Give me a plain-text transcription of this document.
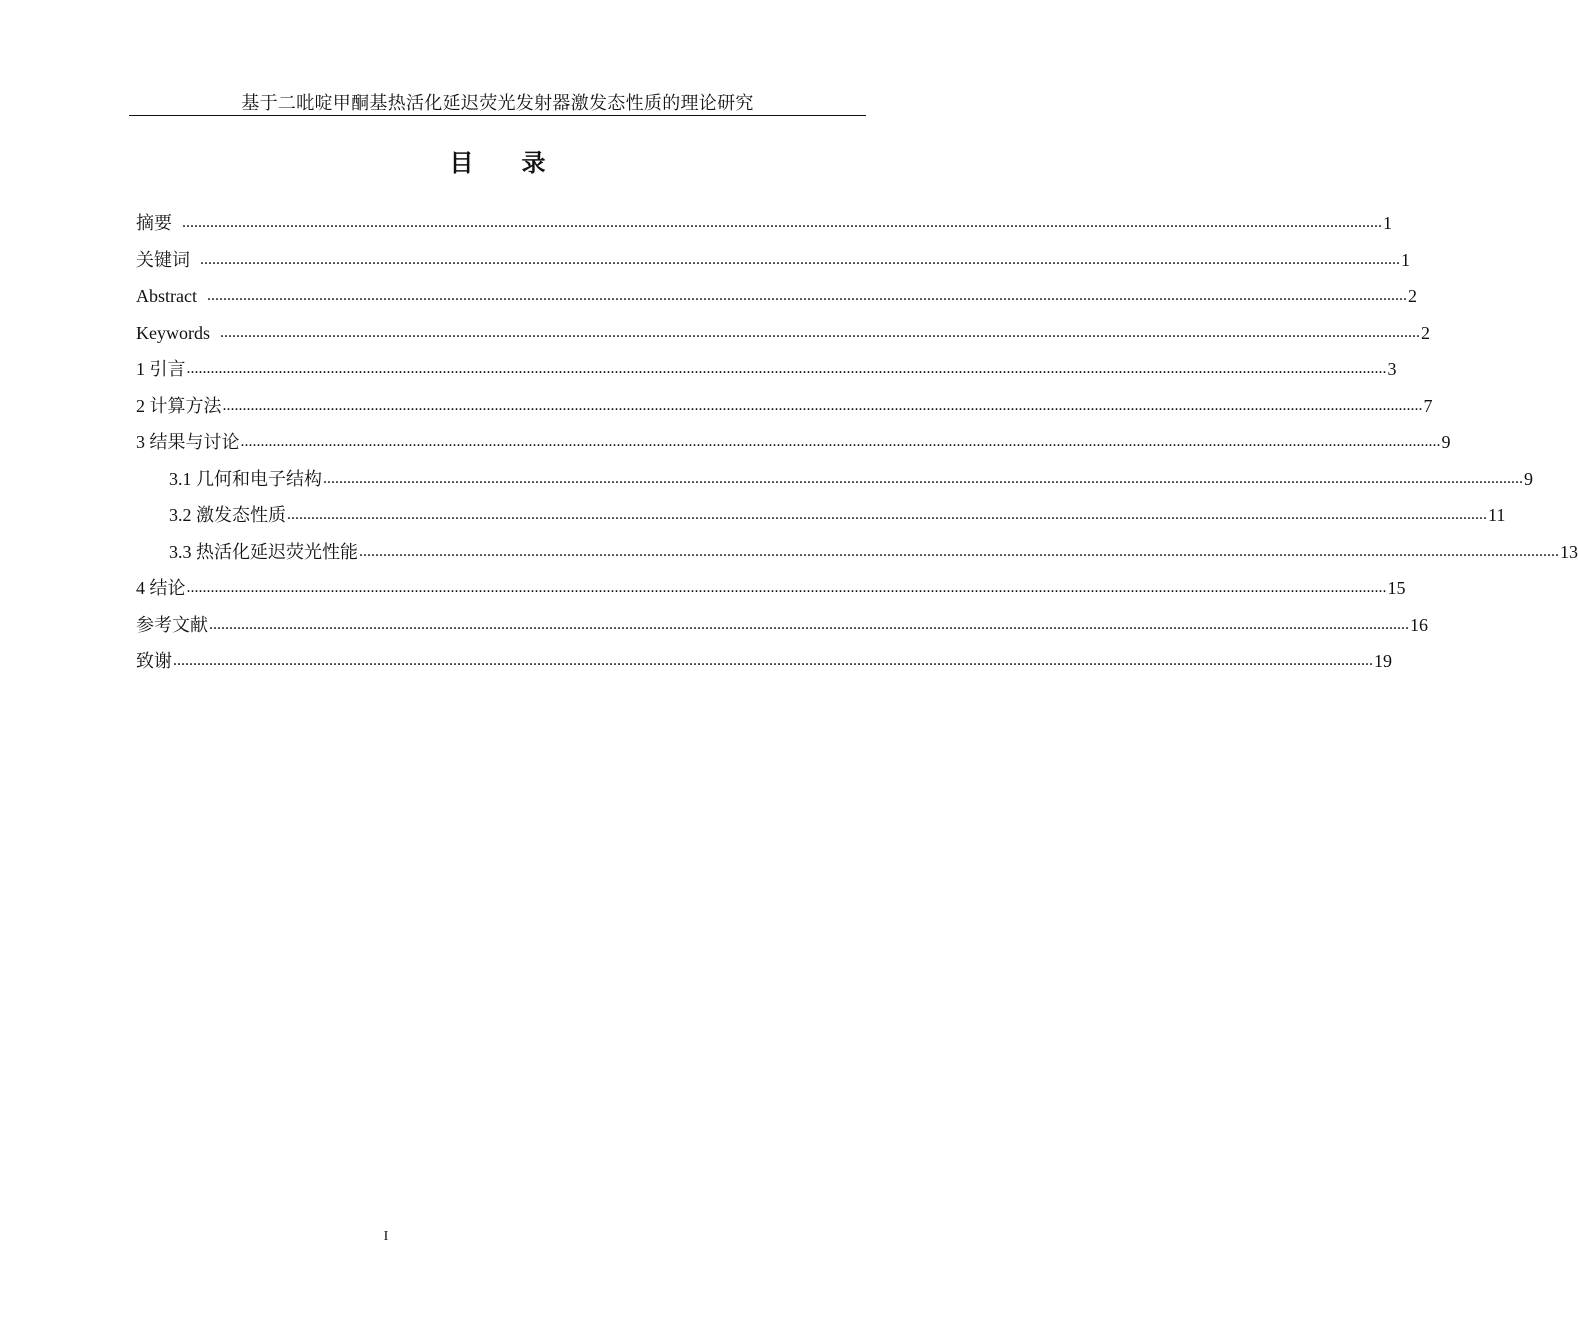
基于二吡啶甲酮基热活化延迟荧光发射器激发态性质的理论研究
目 录
摘要 ............................................................................................................................................................................................................................................................................................................ 1
关键词 ............................................................................................................................................................................................................................................................................................................ 1
Abstract ............................................................................................................................................................................................................................................................................................................ 2
Keywords ............................................................................................................................................................................................................................................................................................................ 2
1 引言 ............................................................................................................................................................................................................................................................................................................ 3
2 计算方法 ............................................................................................................................................................................................................................................................................................................ 7
3 结果与讨论 ............................................................................................................................................................................................................................................................................................................ 9
3.1 几何和电子结构 ............................................................................................................................................................................................................................................................................................................ 9
3.2 激发态性质 ............................................................................................................................................................................................................................................................................................................ 11
3.3 热活化延迟荧光性能 ............................................................................................................................................................................................................................................................................................................ 13
4 结论 ............................................................................................................................................................................................................................................................................................................ 15
参考文献 ............................................................................................................................................................................................................................................................................................................ 16
致谢 ............................................................................................................................................................................................................................................................................................................ 19
I
